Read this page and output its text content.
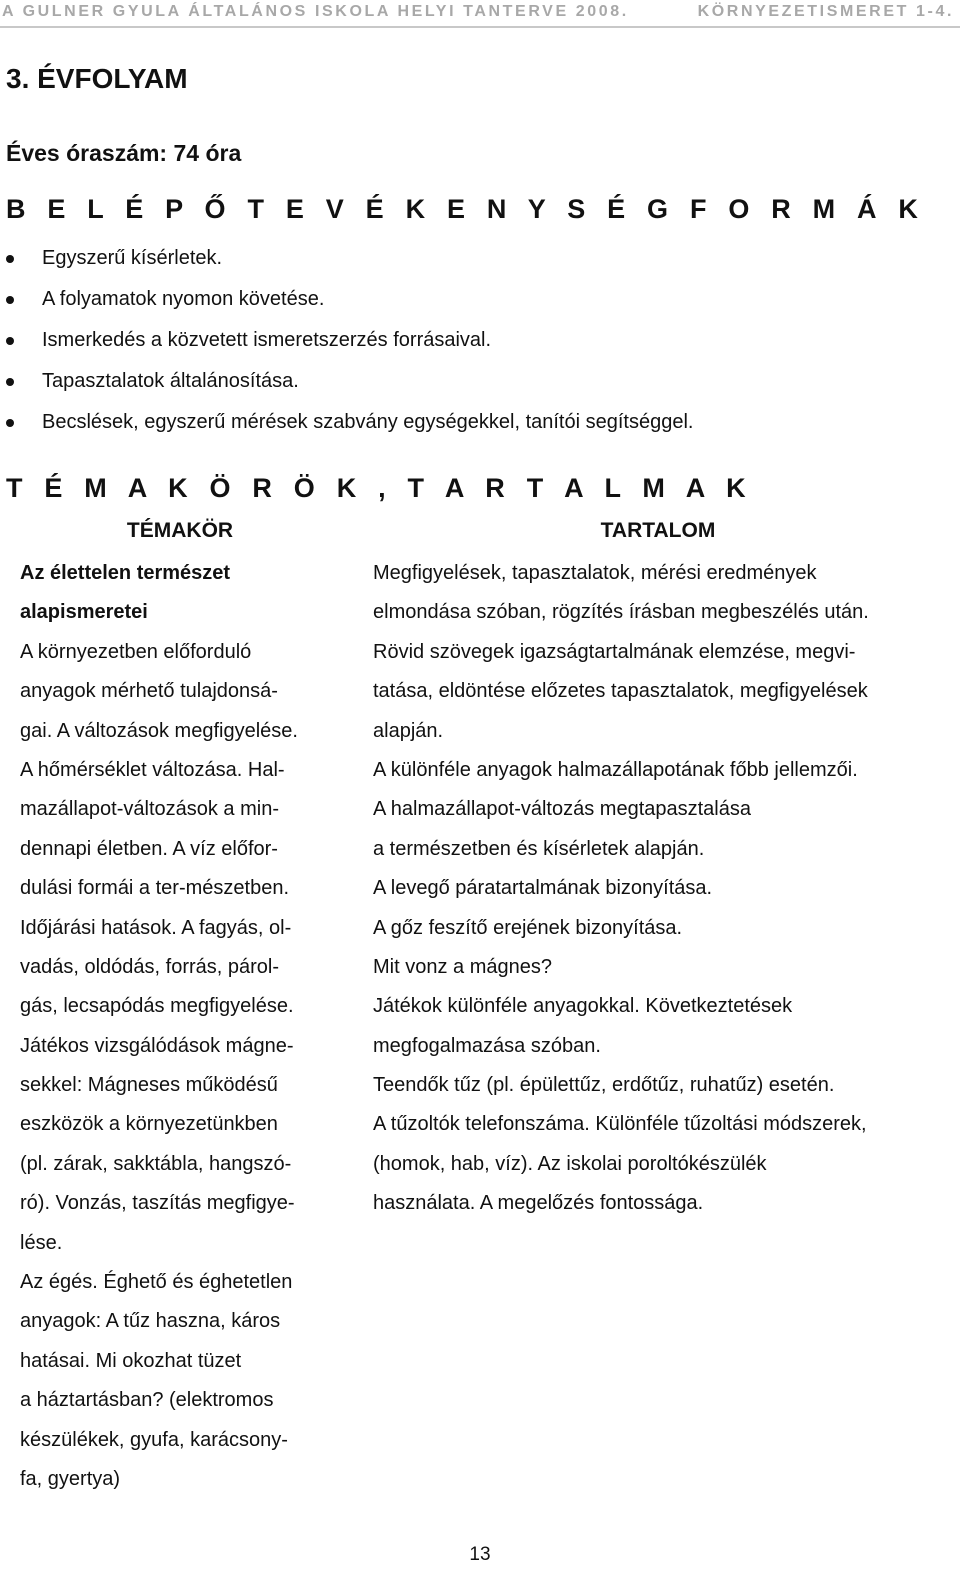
A GULNER GYULA ÁLTALÁNOS ISKOLA HELYI TANTERVE 2008.	KÖRNYEZETISMERET 1-4.
3. ÉVFOLYAM
Éves óraszám: 74 óra
B E L É P Ő T E V É K E N Y S É G F O R M Á K
Egyszerű kísérletek.
A folyamatok nyomon követése.
Ismerkedés a közvetett ismeretszerzés forrásaival.
Tapasztalatok általánosítása.
Becslések, egyszerű mérések szabvány egységekkel, tanítói segítséggel.
T É M A K Ö R Ö K , T A R T A L M A K
TÉMAKÖR	TARTALOM
Az élettelen természet
alapismeretei
A környezetben előforduló
anyagok mérhető tulajdonsá-
gai. A változások megfigyelése.
A hőmérséklet változása. Hal-
mazállapot-változások a min-
dennapi életben. A víz előfor-
dulási formái a ter-mészetben.
Időjárási hatások. A fagyás, ol-
vadás, oldódás, forrás, párol-
gás, lecsapódás megfigyelése.
Játékos vizsgálódások mágne-
sekkel: Mágneses működésű
eszközök a környezetünkben
(pl. zárak, sakktábla, hangszó-
ró). Vonzás, taszítás megfigye-
lése.
Az égés. Éghető és éghetetlen
anyagok: A tűz haszna, káros
hatásai. Mi okozhat tüzet
a háztartásban? (elektromos
készülékek, gyufa, karácsony-
fa, gyertya)
Megfigyelések, tapasztalatok, mérési eredmények
elmondása szóban, rögzítés írásban megbeszélés után.
Rövid szövegek igazságtartalmának elemzése, megvi-
tatása, eldöntése előzetes tapasztalatok, megfigyelések
alapján.
A különféle anyagok halmazállapotának főbb jellemzői.
A halmazállapot-változás megtapasztalása
a természetben és kísérletek alapján.
A levegő páratartalmának bizonyítása.
A gőz feszítő erejének bizonyítása.
Mit vonz a mágnes?
Játékok különféle anyagokkal. Következtetések
megfogalmazása szóban.
Teendők tűz (pl. épülettűz, erdőtűz, ruhatűz) esetén.
A tűzoltók telefonszáma. Különféle tűzoltási módszerek,
(homok, hab, víz). Az iskolai poroltókészülék
használata. A megelőzés fontossága.
13
